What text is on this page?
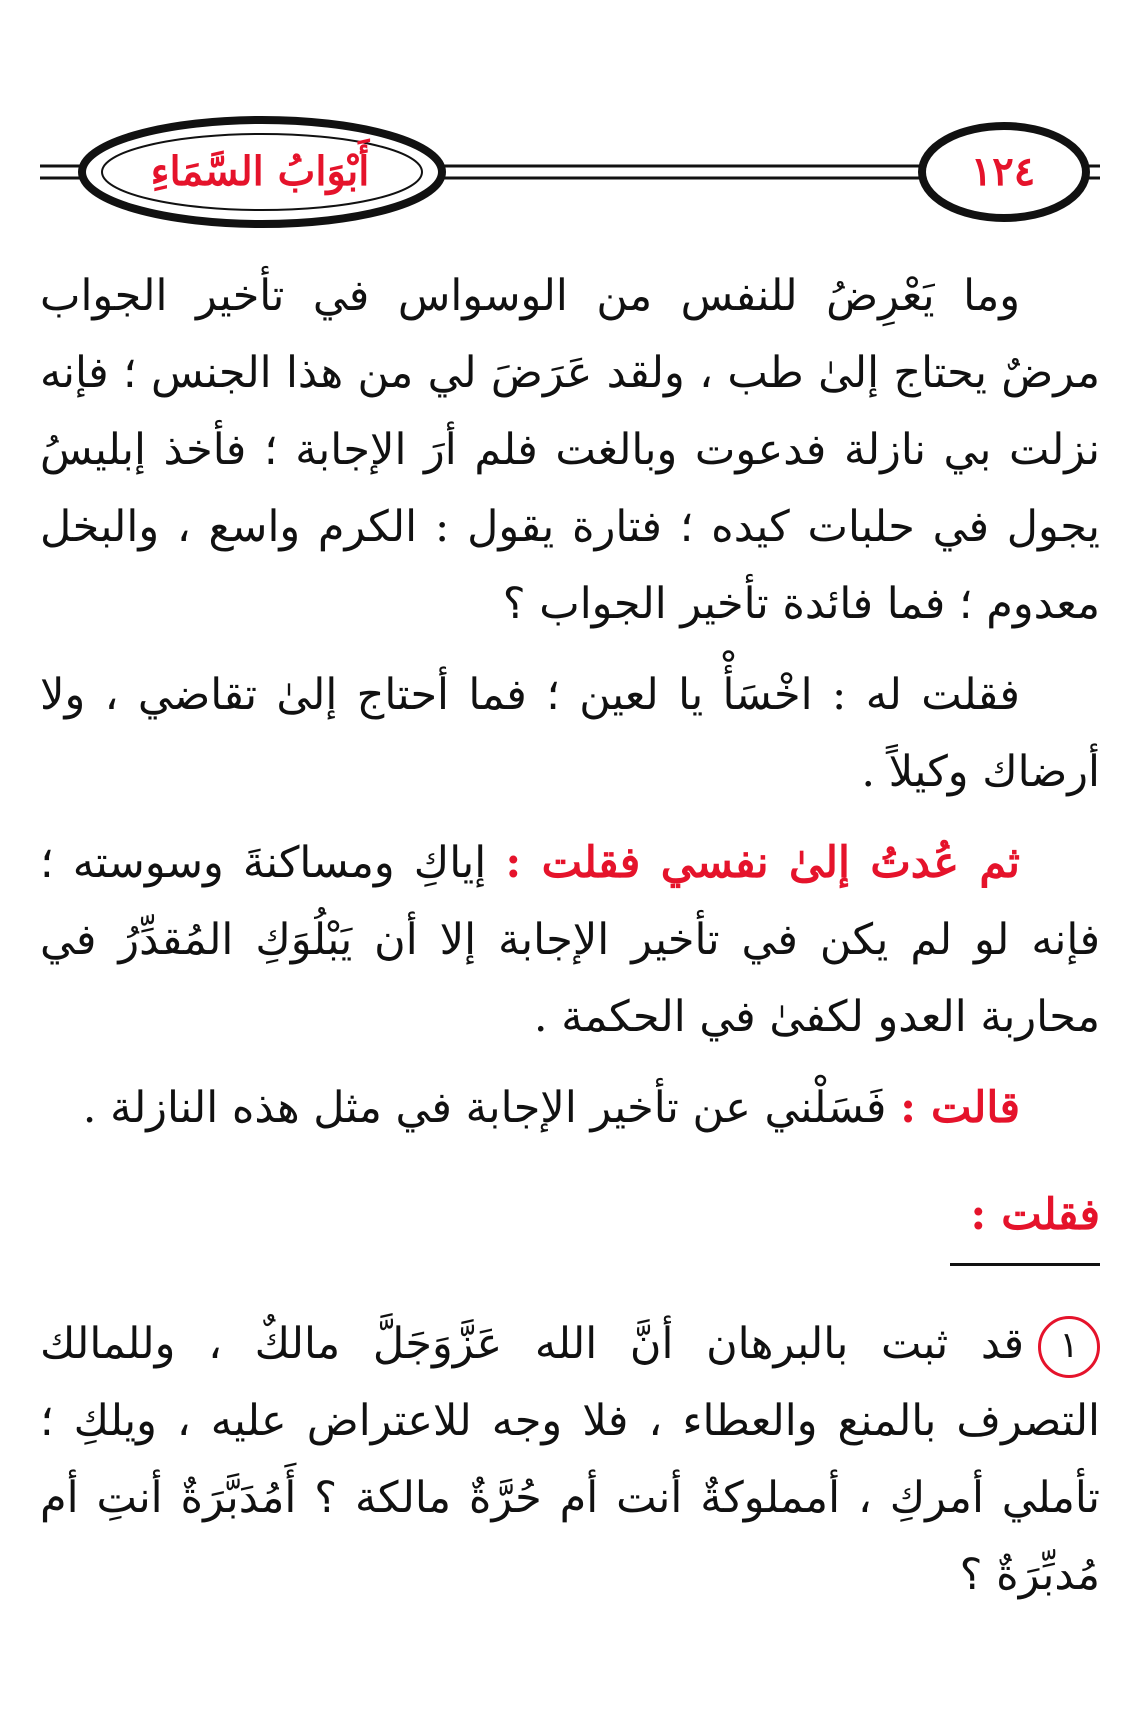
أَبْوَابُ السَّمَاءِ	١٢٤

وما يَعْرِضُ للنفس من الوسواس في تأخير الجواب مرضٌ يحتاج إلىٰ طب ، ولقد عَرَضَ لي من هذا الجنس ؛ فإنه نزلت بي نازلة فدعوت وبالغت فلم أرَ الإجابة ؛ فأخذ إبليسُ يجول في حلبات كيده ؛ فتارة يقول : الكرم واسع ، والبخل معدوم ؛ فما فائدة تأخير الجواب ؟

فقلت له : اخْسَأْ يا لعين ؛ فما أحتاج إلىٰ تقاضي ، ولا أرضاك وكيلاً .

ثم عُدتُ إلىٰ نفسي فقلت : إياكِ ومساكنةَ وسوسته ؛ فإنه لو لم يكن في تأخير الإجابة إلا أن يَبْلُوَكِ المُقدِّرُ في محاربة العدو لكفىٰ في الحكمة .

قالت : فَسَلْني عن تأخير الإجابة في مثل هذه النازلة .

فقلت :

١قد ثبت بالبرهان أنَّ الله عَزَّوَجَلَّ مالكٌ ، وللمالك التصرف بالمنع والعطاء ، فلا وجه للاعتراض عليه ، ويلكِ ؛ تأملي أمركِ ، أمملوكةٌ أنت أم حُرَّةٌ مالكة ؟ أَمُدَبَّرَةٌ أنتِ أم مُدبِّرَةٌ ؟
